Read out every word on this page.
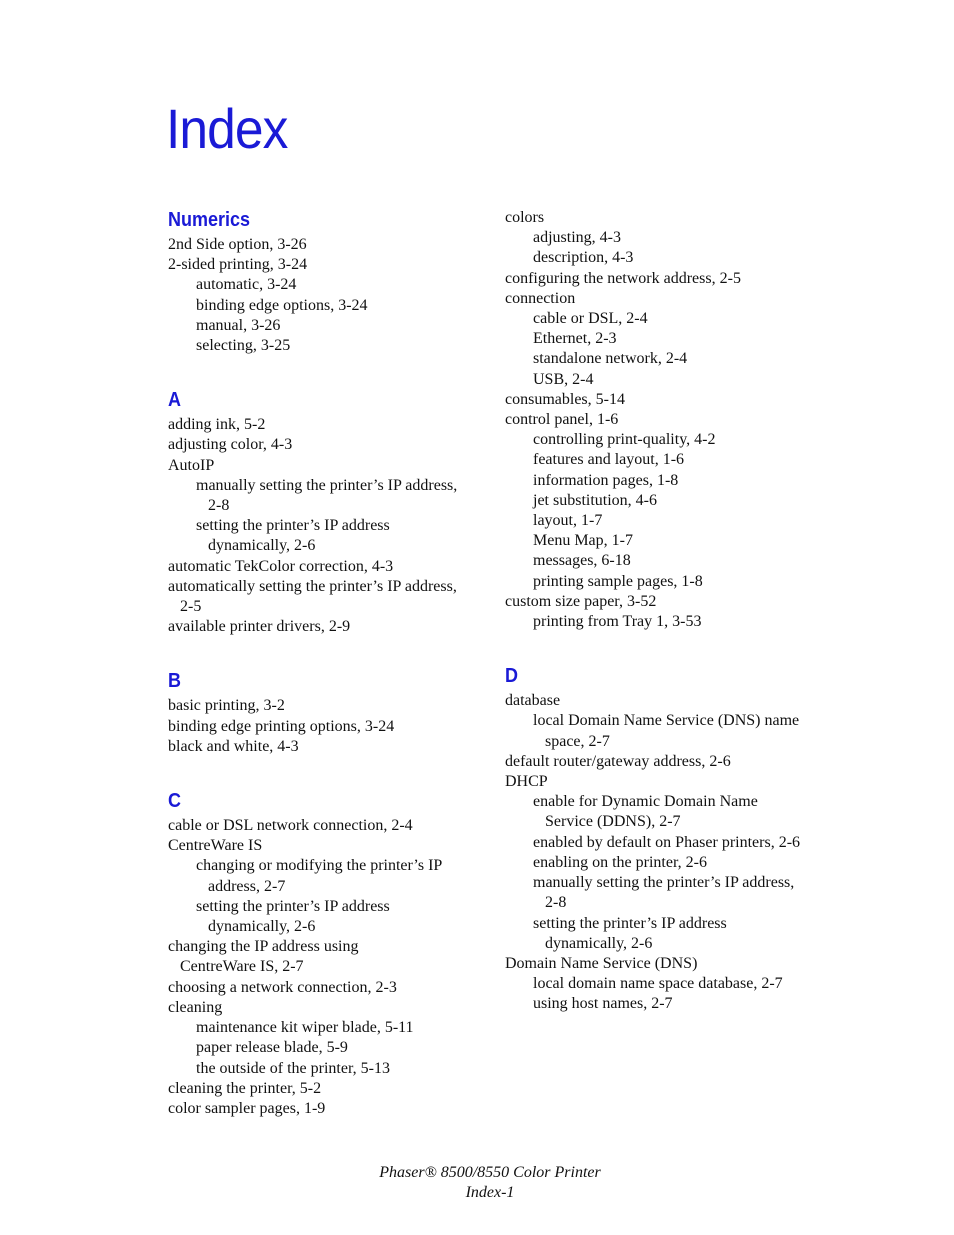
Index
Numerics
2nd Side option, 3-26
2-sided printing, 3-24
automatic, 3-24
binding edge options, 3-24
manual, 3-26
selecting, 3-25
A
adding ink, 5-2
adjusting color, 4-3
AutoIP
manually setting the printer’s IP address,
2-8
setting the printer’s IP address
dynamically, 2-6
automatic TekColor correction, 4-3
automatically setting the printer’s IP address,
2-5
available printer drivers, 2-9
B
basic printing, 3-2
binding edge printing options, 3-24
black and white, 4-3
C
cable or DSL network connection, 2-4
CentreWare IS
changing or modifying the printer’s IP
address, 2-7
setting the printer’s IP address
dynamically, 2-6
changing the IP address using
CentreWare IS, 2-7
choosing a network connection, 2-3
cleaning
maintenance kit wiper blade, 5-11
paper release blade, 5-9
the outside of the printer, 5-13
cleaning the printer, 5-2
color sampler pages, 1-9
colors
adjusting, 4-3
description, 4-3
configuring the network address, 2-5
connection
cable or DSL, 2-4
Ethernet, 2-3
standalone network, 2-4
USB, 2-4
consumables, 5-14
control panel, 1-6
controlling print-quality, 4-2
features and layout, 1-6
information pages, 1-8
jet substitution, 4-6
layout, 1-7
Menu Map, 1-7
messages, 6-18
printing sample pages, 1-8
custom size paper, 3-52
printing from Tray 1, 3-53
D
database
local Domain Name Service (DNS) name
space, 2-7
default router/gateway address, 2-6
DHCP
enable for Dynamic Domain Name
Service (DDNS), 2-7
enabled by default on Phaser printers, 2-6
enabling on the printer, 2-6
manually setting the printer’s IP address,
2-8
setting the printer’s IP address
dynamically, 2-6
Domain Name Service (DNS)
local domain name space database, 2-7
using host names, 2-7
Phaser® 8500/8550 Color Printer
Index-1
